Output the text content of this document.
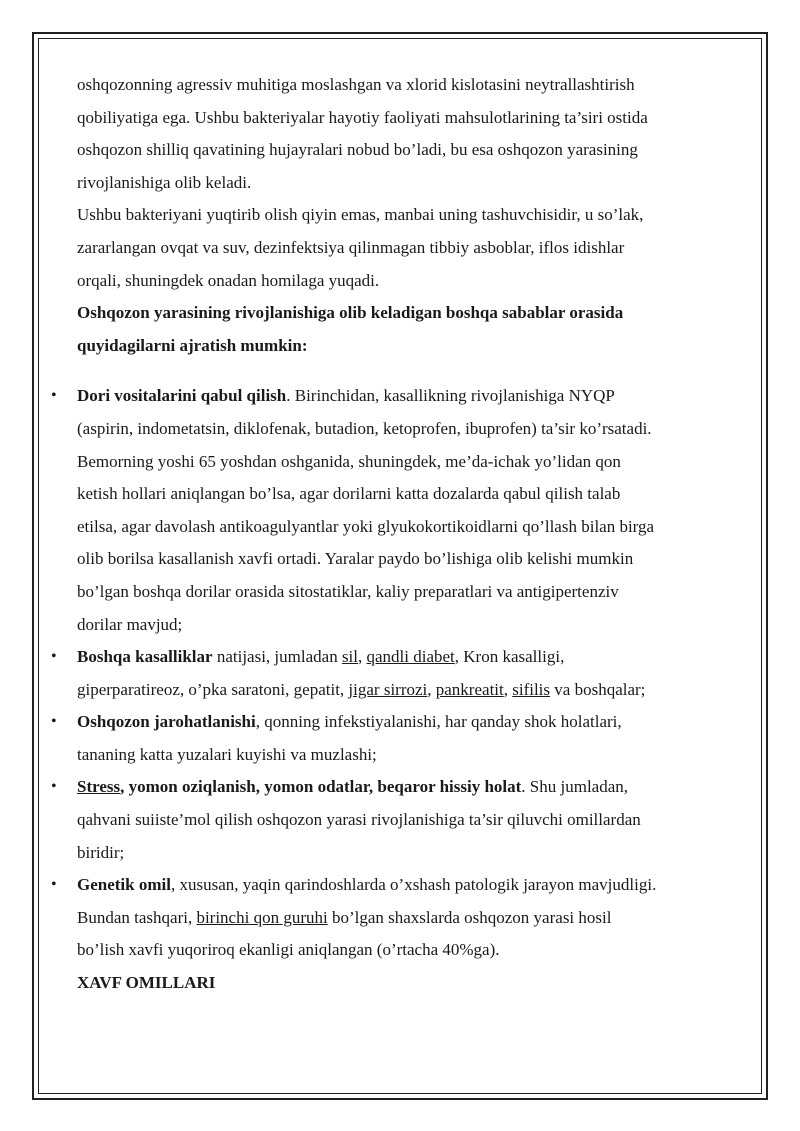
oshqozonning agressiv muhitiga moslashgan va xlorid kislotasini neytrallashtirish
qobiliyatiga ega. Ushbu bakteriyalar hayotiy faoliyati mahsulotlarining ta’siri ostida
oshqozon shilliq qavatining hujayralari nobud bo’ladi, bu esa oshqozon yarasining
rivojlanishiga olib keladi.

Ushbu bakteriyani yuqtirib olish qiyin emas, manbai uning tashuvchisidir, u so’lak,
zararlangan ovqat va suv, dezinfektsiya qilinmagan tibbiy asboblar, iflos idishlar
orqali, shuningdek onadan homilaga yuqadi.

Oshqozon yarasining rivojlanishiga olib keladigan boshqa sabablar orasida
quyidagilarni ajratish mumkin:

• Dori vositalarini qabul qilish. Birinchidan, kasallikning rivojlanishiga NYQP
(aspirin, indometatsin, diklofenak, butadion, ketoprofen, ibuprofen) ta’sir ko’rsatadi.
Bemorning yoshi 65 yoshdan oshganida, shuningdek, me’da-ichak yo’lidan qon
ketish hollari aniqlangan bo’lsa, agar dorilarni katta dozalarda qabul qilish talab
etilsa, agar davolash antikoagulyantlar yoki glyukokortikoidlarni qo’llash bilan birga
olib borilsa kasallanish xavfi ortadi. Yaralar paydo bo’lishiga olib kelishi mumkin
bo’lgan boshqa dorilar orasida sitostatiklar, kaliy preparatlari va antigipertenziv
dorilar mavjud;
• Boshqa kasalliklar natijasi, jumladan sil, qandli diabet, Kron kasalligi,
giperparatireoz, o’pka saratoni, gepatit, jigar sirrozi, pankreatit, sifilis va boshqalar;
• Oshqozon jarohatlanishi, qonning infekstiyalanishi, har qanday shok holatlari,
tananing katta yuzalari kuyishi va muzlashi;
• Stress, yomon oziqlanish, yomon odatlar, beqaror hissiy holat. Shu jumladan,
qahvani suiiste’mol qilish oshqozon yarasi rivojlanishiga ta’sir qiluvchi omillardan
biridir;
• Genetik omil, xususan, yaqin qarindoshlarda o’xshash patologik jarayon mavjudligi.
Bundan tashqari, birinchi qon guruhi bo’lgan shaxslarda oshqozon yarasi hosil
bo’lish xavfi yuqoriroq ekanligi aniqlangan (o’rtacha 40%ga).

XAVF OMILLARI
